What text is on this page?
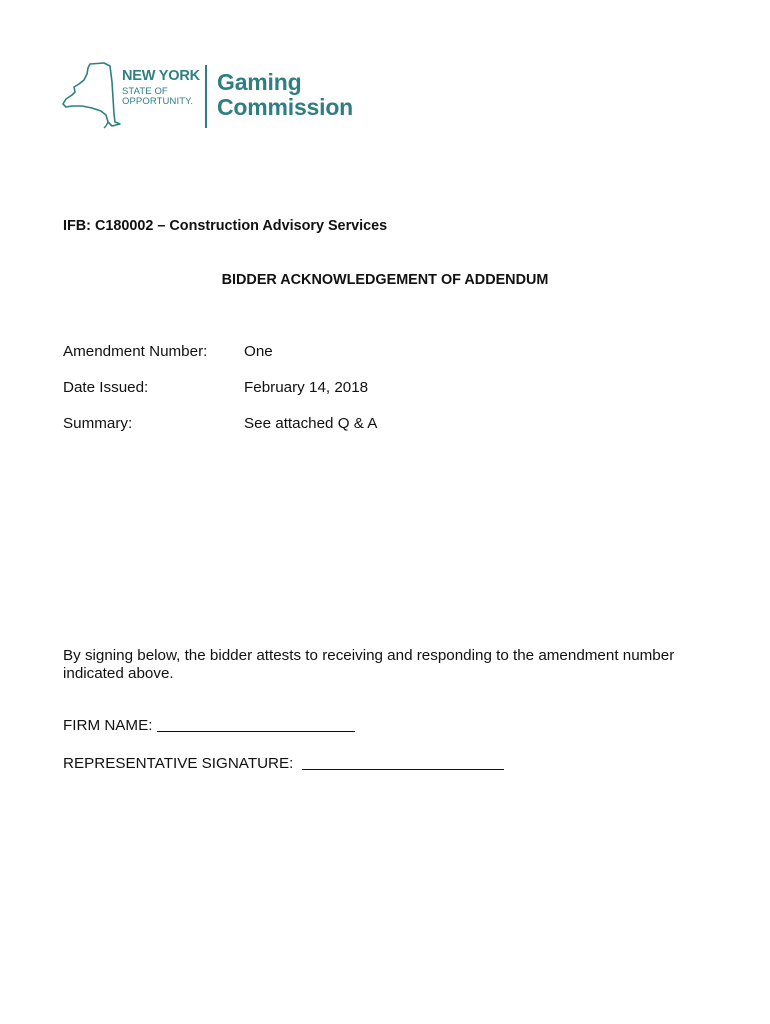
NEW YORK
STATE OF
OPPORTUNITY.
Gaming
Commission
IFB: C180002 – Construction Advisory Services
BIDDER ACKNOWLEDGEMENT OF ADDENDUM
Amendment Number: One
Date Issued:	February 14, 2018
Summary:	See attached Q & A
By signing below, the bidder attests to receiving and responding to the amendment number indicated above.
FIRM NAME:
REPRESENTATIVE SIGNATURE:
